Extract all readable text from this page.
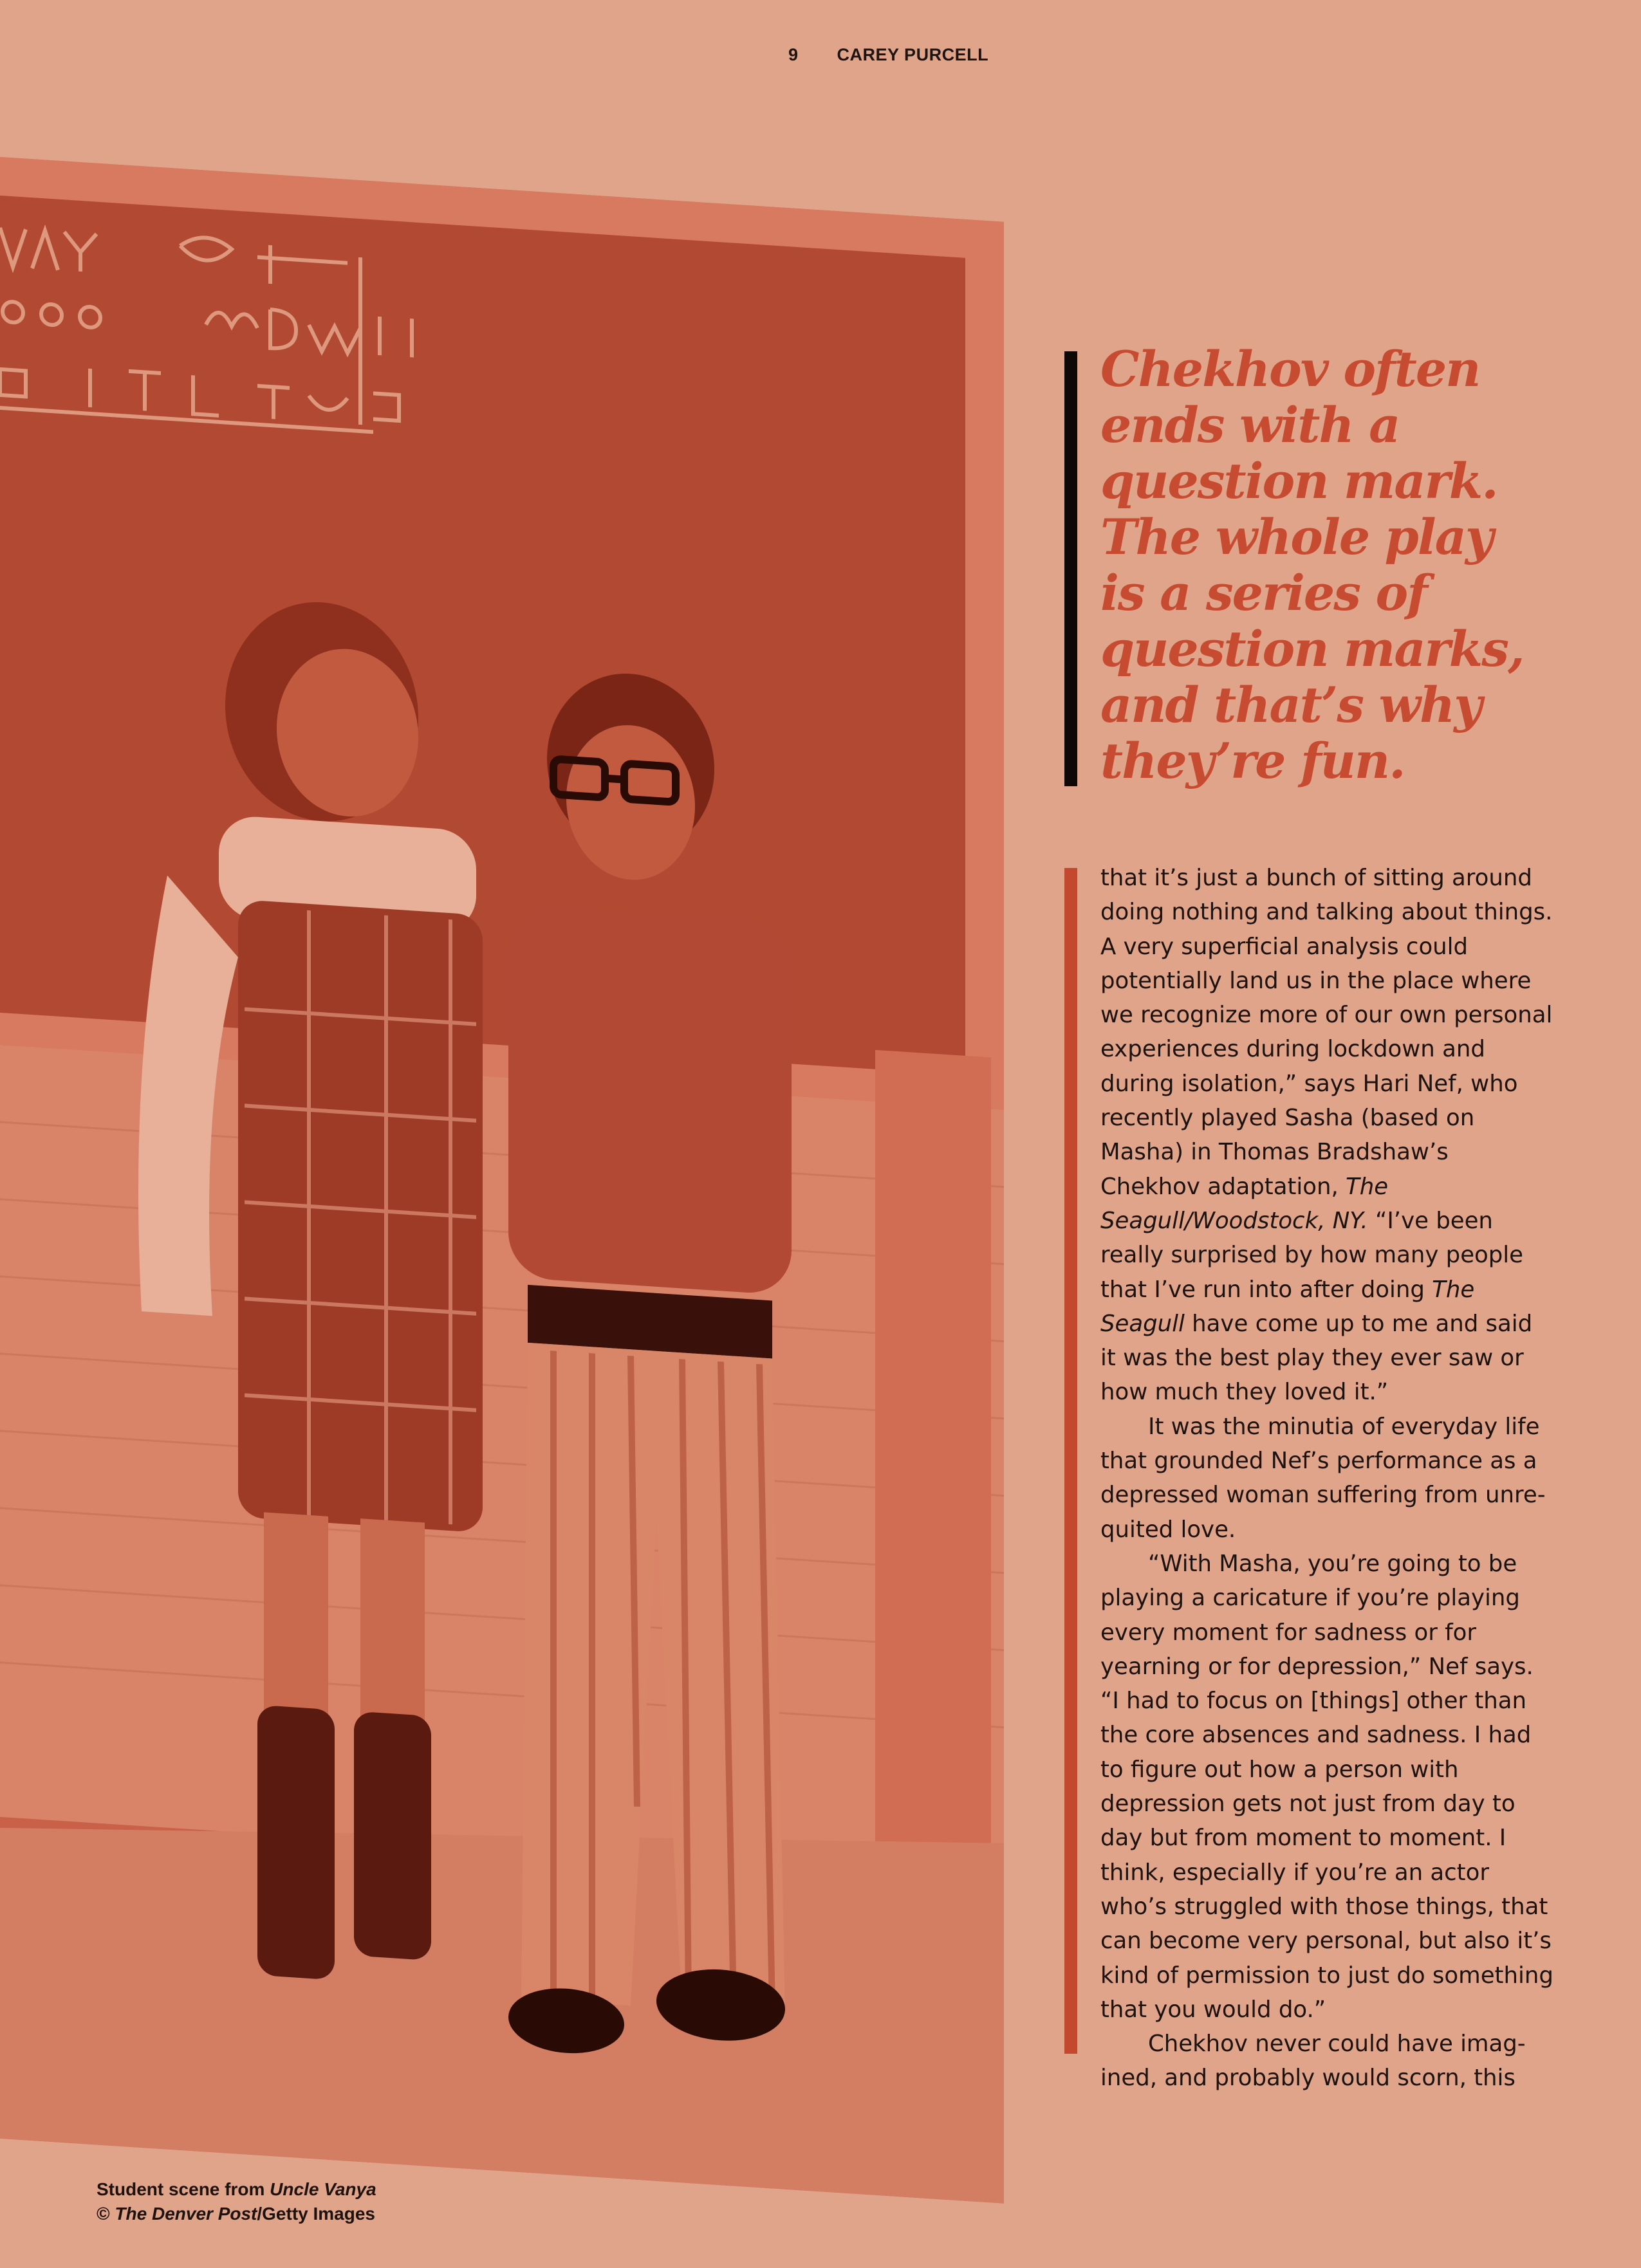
9 CAREY PURCELL

Chekhov often
ends with a
question mark.
The whole play
is a series of
question marks,
and that’s why
they’re fun.

that it’s just a bunch of sitting around doing nothing and talking about things. A very superficial analysis could potentially land us in the place where we recognize more of our own personal experiences during lockdown and during isolation,” says Hari Nef, who recently played Sasha (based on Masha) in Thomas Bradshaw’s Chekhov adaptation, The Seagull/Woodstock, NY. “I’ve been really surprised by how many people that I’ve run into after doing The Seagull have come up to me and said it was the best play they ever saw or how much they loved it.”

It was the minutia of everyday life that grounded Nef’s performance as a depressed woman suffering from unre-quited love.

“With Masha, you’re going to be playing a caricature if you’re playing every moment for sadness or for yearning or for depression,” Nef says. “I had to focus on [things] other than the core absences and sadness. I had to figure out how a person with depression gets not just from day to day but from moment to moment. I think, especially if you’re an actor who’s struggled with those things, that can become very personal, but also it’s kind of permission to just do something that you would do.”

Chekhov never could have imag-ined, and probably would scorn, this

Student scene from Uncle Vanya
© The Denver Post/Getty Images
